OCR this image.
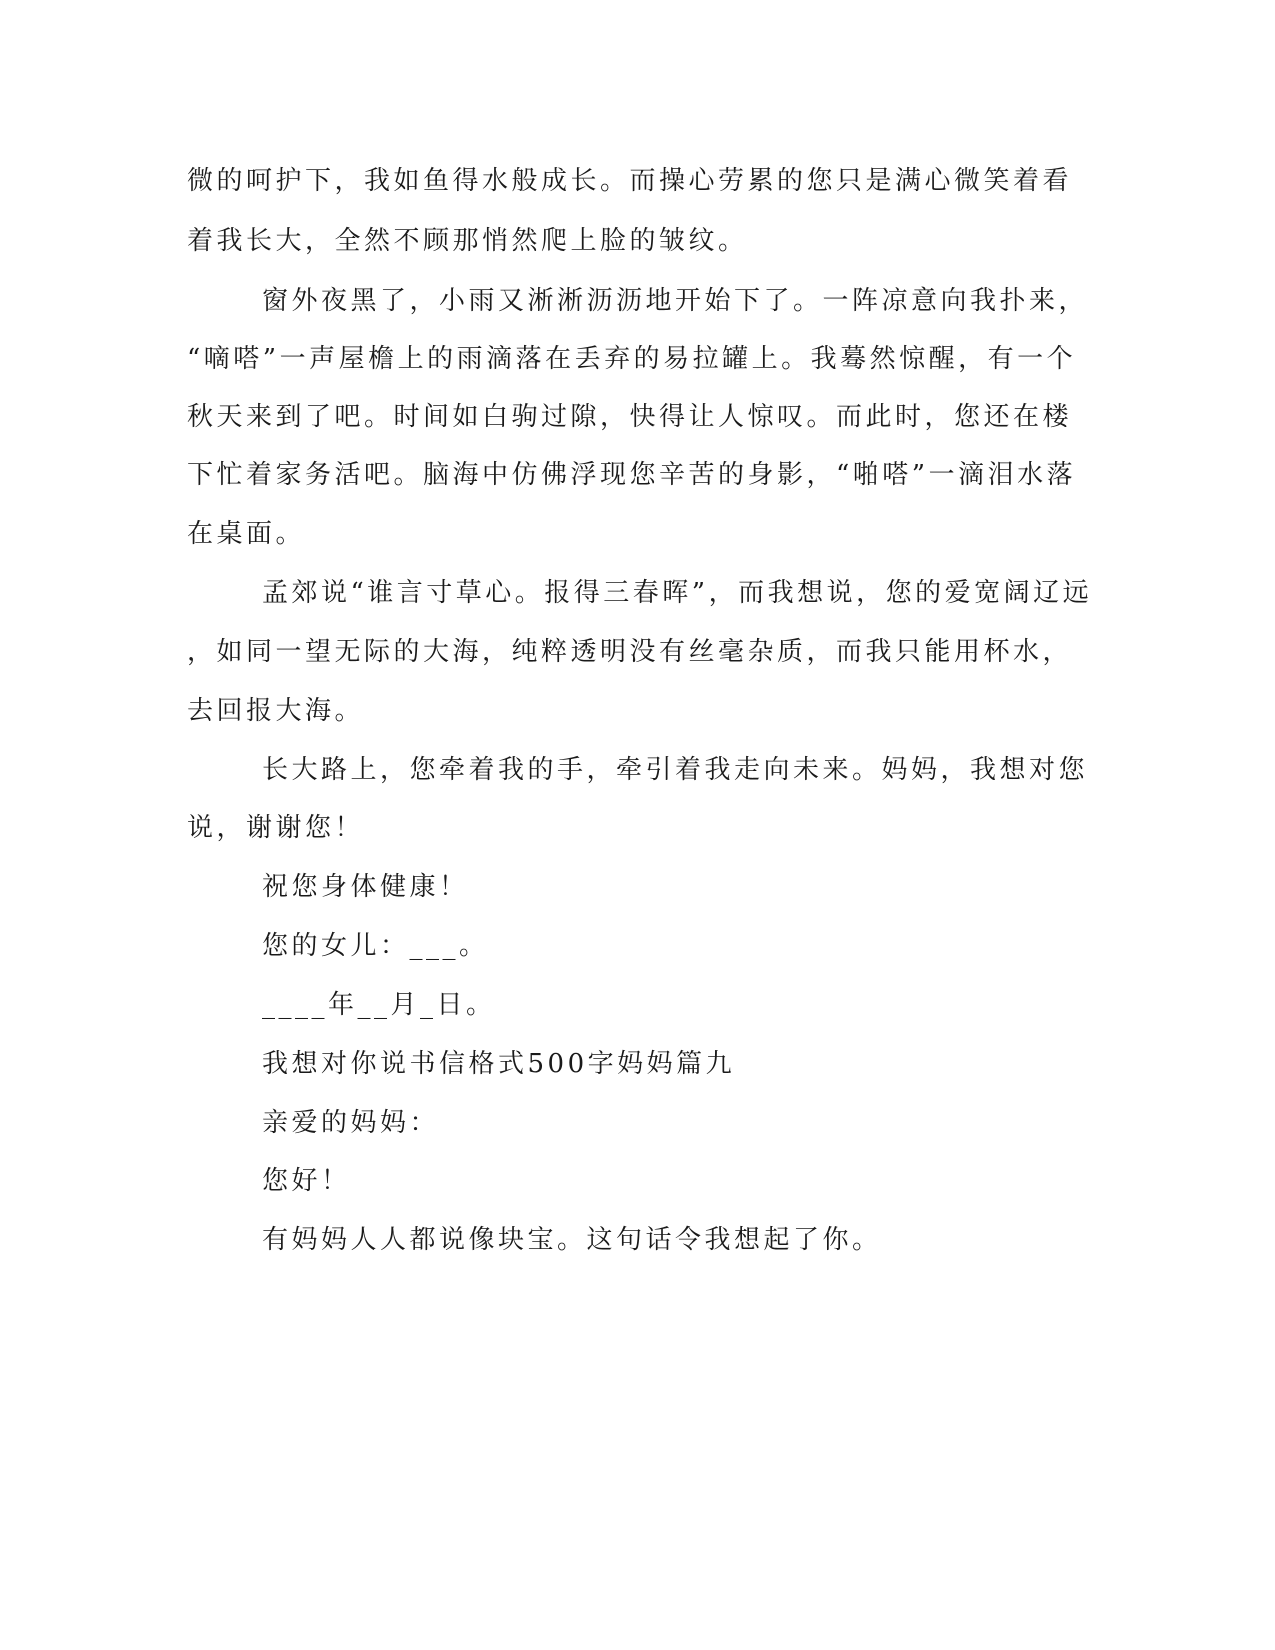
微的呵护下，我如鱼得水般成长。而操心劳累的您只是满心微笑着看
着我长大，全然不顾那悄然爬上脸的皱纹。
窗外夜黑了，小雨又淅淅沥沥地开始下了。一阵凉意向我扑来，
“嘀嗒”一声屋檐上的雨滴落在丢弃的易拉罐上。我蓦然惊醒，有一个
秋天来到了吧。时间如白驹过隙，快得让人惊叹。而此时，您还在楼
下忙着家务活吧。脑海中仿佛浮现您辛苦的身影，“啪嗒”一滴泪水落
在桌面。
孟郊说“谁言寸草心。报得三春晖”，而我想说，您的爱宽阔辽远
，如同一望无际的大海，纯粹透明没有丝毫杂质，而我只能用杯水，
去回报大海。
长大路上，您牵着我的手，牵引着我走向未来。妈妈，我想对您
说，谢谢您！
祝您身体健康！
您的女儿：___。
____年__月_日。
我想对你说书信格式500字妈妈篇九
亲爱的妈妈：
您好！
有妈妈人人都说像块宝。这句话令我想起了你。
